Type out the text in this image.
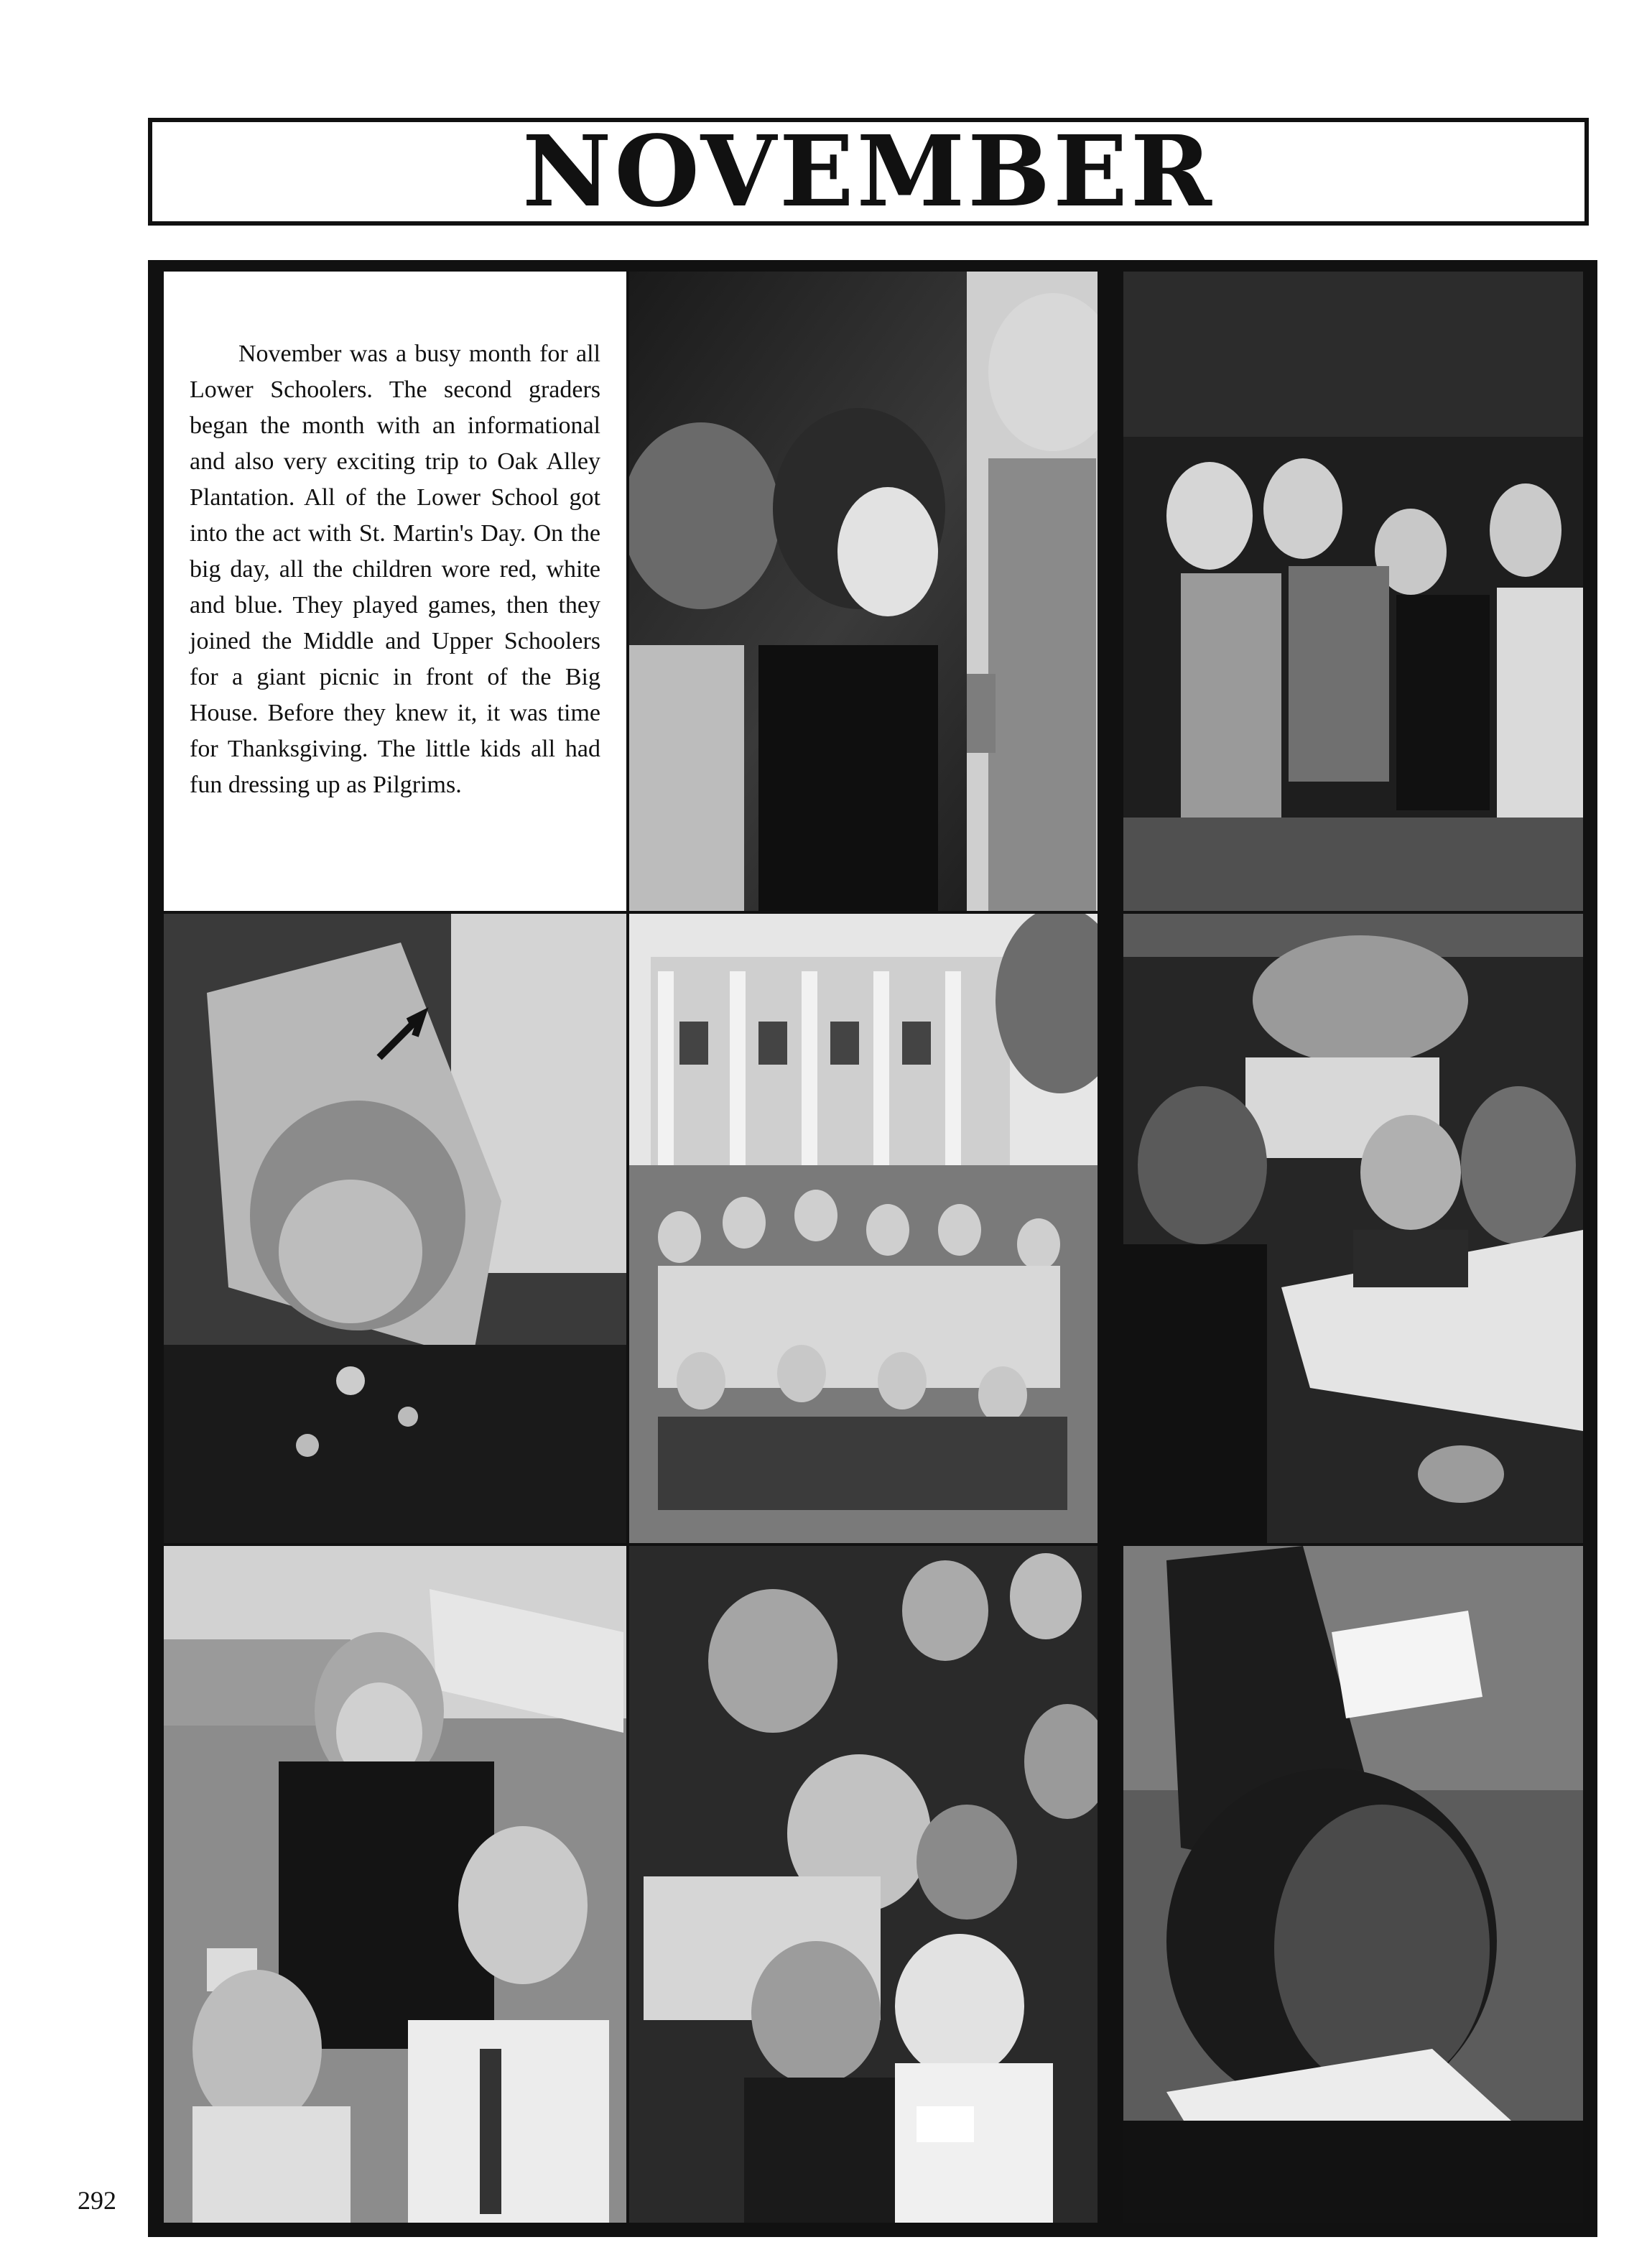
NOVEMBER
November was a busy month for all Lower Schoolers. The second graders began the month with an informational and also very exciting trip to Oak Alley Plantation. All of the Lower School got into the act with St. Martin's Day. On the big day, all the children wore red, white and blue. They played games, then they joined the Middle and Upper Schoolers for a giant picnic in front of the Big House. Before they knew it, it was time for Thanksgiving. The little kids all had fun dressing up as Pilgrims.
292
